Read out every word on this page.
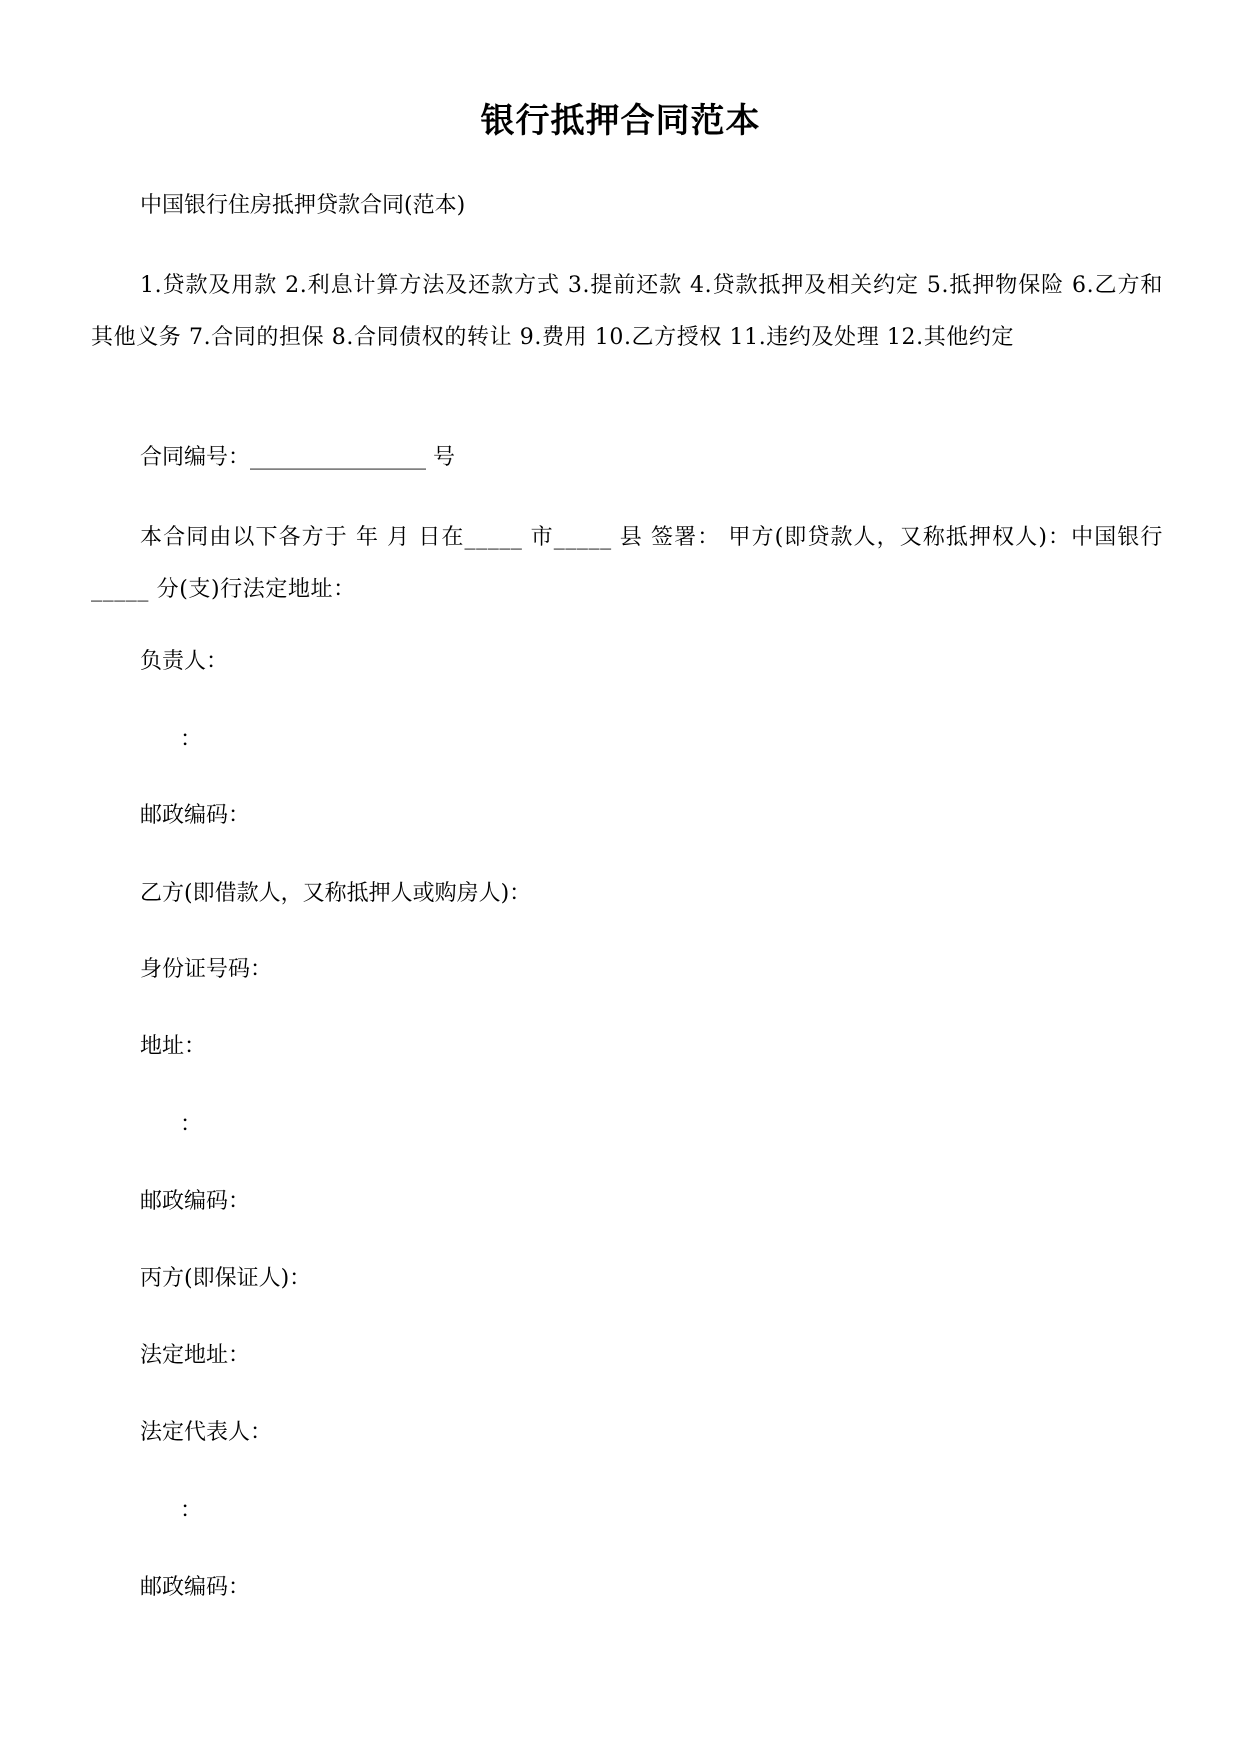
银行抵押合同范本
中国银行住房抵押贷款合同(范本)
1.贷款及用款 2.利息计算方法及还款方式 3.提前还款 4.贷款抵押及相关约定 5.抵押物保险 6.乙方和其他义务 7.合同的担保 8.合同债权的转让 9.费用 10.乙方授权 11.违约及处理 12.其他约定
合同编号：________________ 号
本合同由以下各方于 年 月 日在_____ 市_____ 县 签署： 甲方(即贷款人，又称抵押权人)：中国银行_____ 分(支)行法定地址：
负责人：
：
邮政编码：
乙方(即借款人，又称抵押人或购房人)：
身份证号码：
地址：
：
邮政编码：
丙方(即保证人)：
法定地址：
法定代表人：
：
邮政编码：
